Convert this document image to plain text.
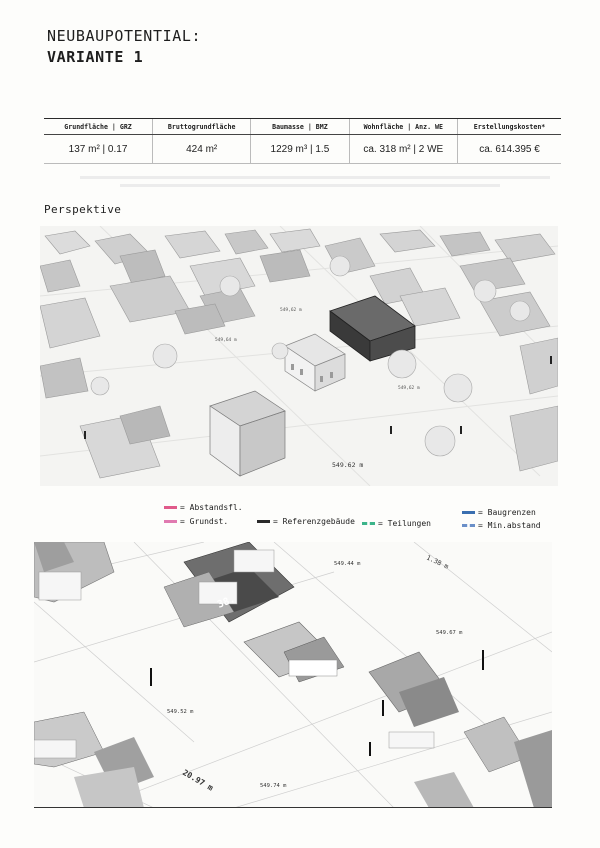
NEUBAUPOTENTIAL:
VARIANTE 1
Grundfläche | GRZ	Bruttogrundfläche	Baumasse | BMZ	Wohnfläche | Anz. WE	Erstellungskosten*
137 m² | 0.17	424 m²	1229 m³ | 1.5	ca. 318 m² | 2 WE	ca. 614.395 €
Perspektive
549,62 m
549,64 m
549,62 m
549.62 m
= Abstandsfl.
= Grundst.	= Referenzgebäude	= Teilungen
= Baugrenzen
= Min.abstand
549.44 m	1.38 m
549.67 m
549.52 m
549.74 m
20.97 m
38.
